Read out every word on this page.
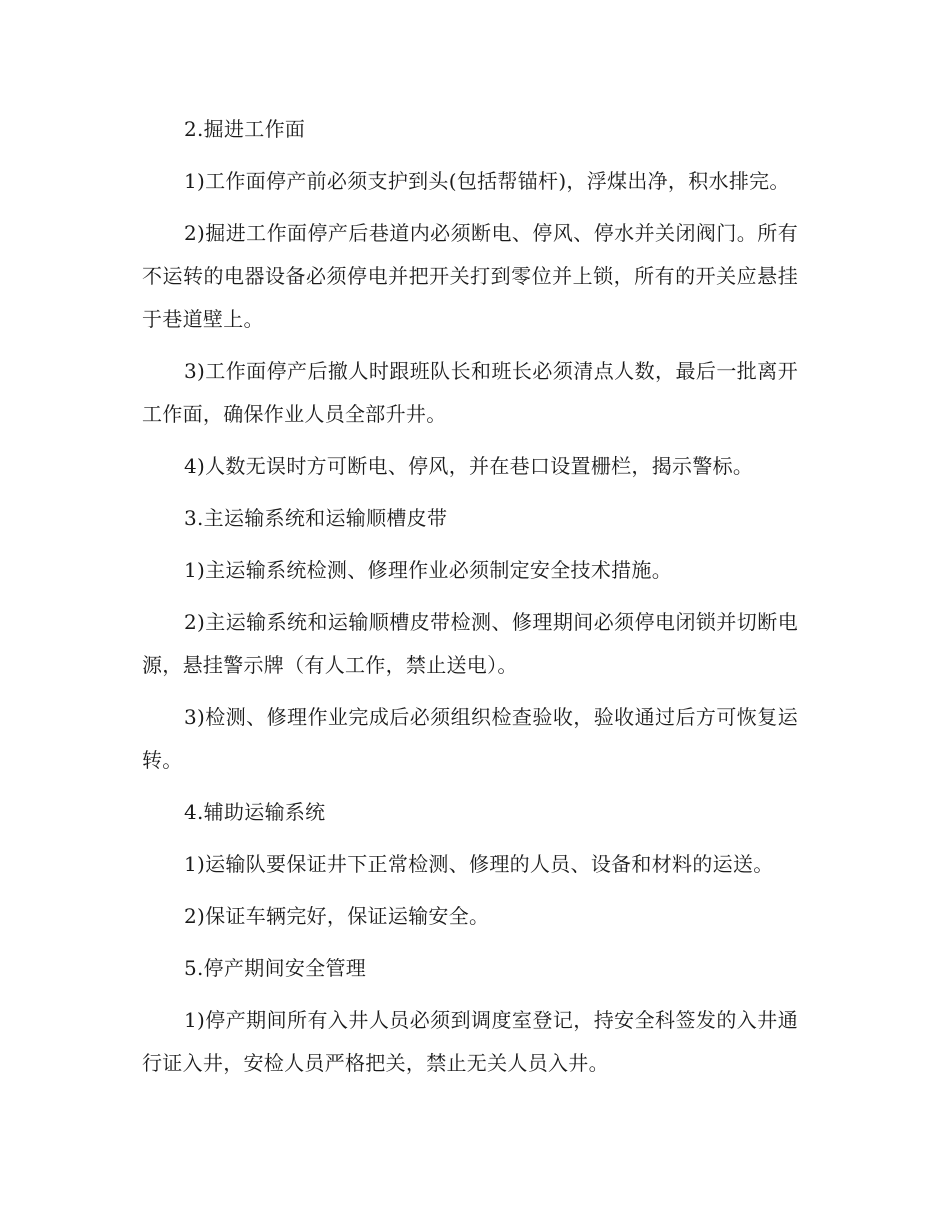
2.掘进工作面

1)工作面停产前必须支护到头(包括帮锚杆)，浮煤出净，积水排完。

2)掘进工作面停产后巷道内必须断电、停风、停水并关闭阀门。所有不运转的电器设备必须停电并把开关打到零位并上锁，所有的开关应悬挂于巷道壁上。

3)工作面停产后撤人时跟班队长和班长必须清点人数，最后一批离开工作面，确保作业人员全部升井。

4)人数无误时方可断电、停风，并在巷口设置栅栏，揭示警标。

3.主运输系统和运输顺槽皮带

1)主运输系统检测、修理作业必须制定安全技术措施。

2)主运输系统和运输顺槽皮带检测、修理期间必须停电闭锁并切断电源，悬挂警示牌（有人工作，禁止送电）。

3)检测、修理作业完成后必须组织检查验收，验收通过后方可恢复运转。

4.辅助运输系统

1)运输队要保证井下正常检测、修理的人员、设备和材料的运送。

2)保证车辆完好，保证运输安全。

5.停产期间安全管理

1)停产期间所有入井人员必须到调度室登记，持安全科签发的入井通行证入井，安检人员严格把关，禁止无关人员入井。
